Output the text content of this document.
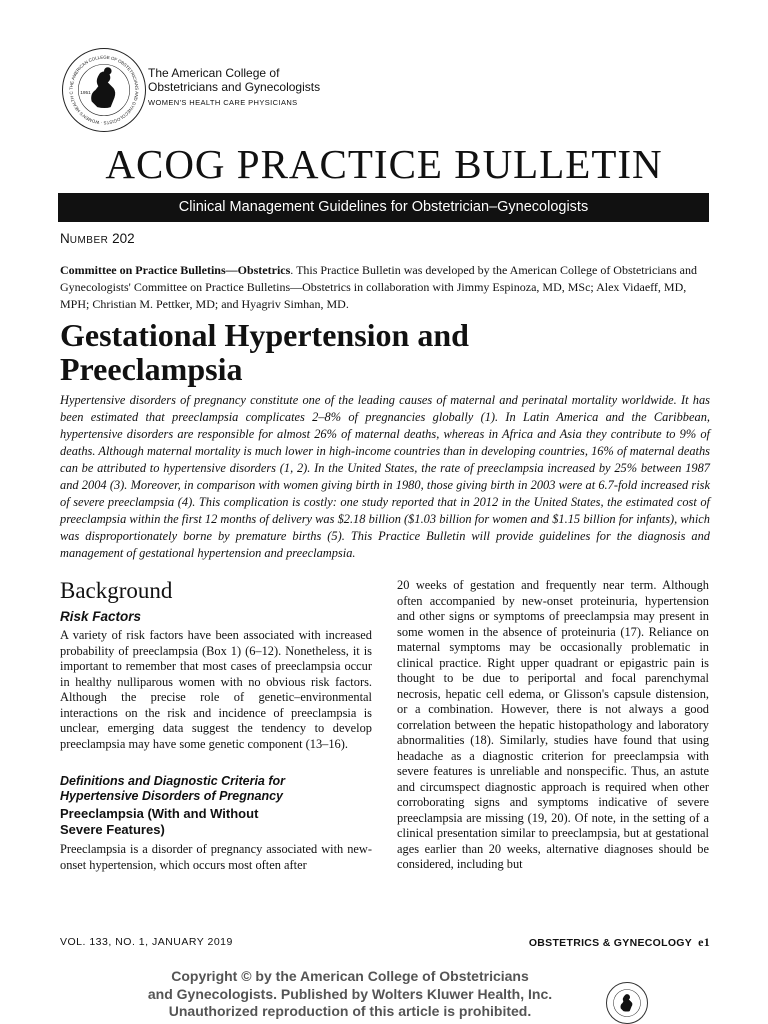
THE AMERICAN COLLEGE OF OBSTETRICIANS AND GYNECOLOGISTS · WOMEN'S HEALTH C	1951
The American College of
Obstetricians and Gynecologists
WOMEN'S HEALTH CARE PHYSICIANS
ACOG PRACTICE BULLETIN
Clinical Management Guidelines for Obstetrician–Gynecologists
NUMBER 202

Committee on Practice Bulletins—Obstetrics. This Practice Bulletin was developed by the American College of Obstetricians and Gynecologists' Committee on Practice Bulletins—Obstetrics in collaboration with Jimmy Espinoza, MD, MSc; Alex Vidaeff, MD, MPH; Christian M. Pettker, MD; and Hyagriv Simhan, MD.

Gestational Hypertension and
Preeclampsia

Hypertensive disorders of pregnancy constitute one of the leading causes of maternal and perinatal mortality worldwide. It has been estimated that preeclampsia complicates 2–8% of pregnancies globally (1). In Latin America and the Caribbean, hypertensive disorders are responsible for almost 26% of maternal deaths, whereas in Africa and Asia they contribute to 9% of deaths. Although maternal mortality is much lower in high-income countries than in developing countries, 16% of maternal deaths can be attributed to hypertensive disorders (1, 2). In the United States, the rate of preeclampsia increased by 25% between 1987 and 2004 (3). Moreover, in comparison with women giving birth in 1980, those giving birth in 2003 were at 6.7-fold increased risk of severe preeclampsia (4). This complication is costly: one study reported that in 2012 in the United States, the estimated cost of preeclampsia within the first 12 months of delivery was $2.18 billion ($1.03 billion for women and $1.15 billion for infants), which was disproportionately borne by premature births (5). This Practice Bulletin will provide guidelines for the diagnosis and management of gestational hypertension and preeclampsia.

Background
Risk Factors

A variety of risk factors have been associated with increased probability of preeclampsia (Box 1) (6–12). Nonetheless, it is important to remember that most cases of preeclampsia occur in healthy nulliparous women with no obvious risk factors. Although the precise role of genetic–environmental interactions on the risk and incidence of preeclampsia is unclear, emerging data suggest the tendency to develop preeclampsia may have some genetic component (13–16).

Definitions and Diagnostic Criteria for
Hypertensive Disorders of Pregnancy
Preeclampsia (With and Without
Severe Features)

Preeclampsia is a disorder of pregnancy associated with new-onset hypertension, which occurs most often after

20 weeks of gestation and frequently near term. Although often accompanied by new-onset proteinuria, hypertension and other signs or symptoms of preeclampsia may present in some women in the absence of proteinuria (17). Reliance on maternal symptoms may be occasionally problematic in clinical practice. Right upper quadrant or epigastric pain is thought to be due to periportal and focal parenchymal necrosis, hepatic cell edema, or Glisson's capsule distension, or a combination. However, there is not always a good correlation between the hepatic histopathology and laboratory abnormalities (18). Similarly, studies have found that using headache as a diagnostic criterion for preeclampsia with severe features is unreliable and nonspecific. Thus, an astute and circumspect diagnostic approach is required when other corroborating signs and symptoms indicative of severe preeclampsia are missing (19, 20). Of note, in the setting of a clinical presentation similar to preeclampsia, but at gestational ages earlier than 20 weeks, alternative diagnoses should be considered, including but

VOL. 133, NO. 1, JANUARY 2019	OBSTETRICS & GYNECOLOGY e1
Copyright © by the American College of Obstetricians
and Gynecologists. Published by Wolters Kluwer Health, Inc.
Unauthorized reproduction of this article is prohibited.
